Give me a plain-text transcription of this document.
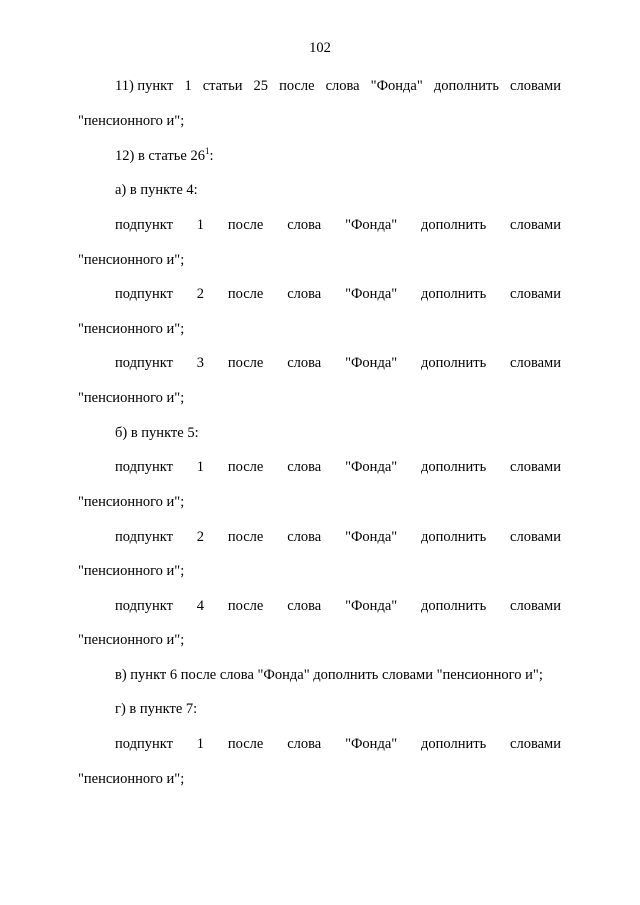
102
11) пункт 1 статьи 25 после слова "Фонда" дополнить словами
"пенсионного и";
12) в статье $26^1$:
а) в пункте 4:
подпункт 1 после слова "Фонда" дополнить словами
"пенсионного и";
подпункт 2 после слова "Фонда" дополнить словами
"пенсионного и";
подпункт 3 после слова "Фонда" дополнить словами
"пенсионного и";
б) в пункте 5:
подпункт 1 после слова "Фонда" дополнить словами
"пенсионного и";
подпункт 2 после слова "Фонда" дополнить словами
"пенсионного и";
подпункт 4 после слова "Фонда" дополнить словами
"пенсионного и";
в) пункт 6 после слова "Фонда" дополнить словами "пенсионного и";
г) в пункте 7:
подпункт 1 после слова "Фонда" дополнить словами
"пенсионного и";
